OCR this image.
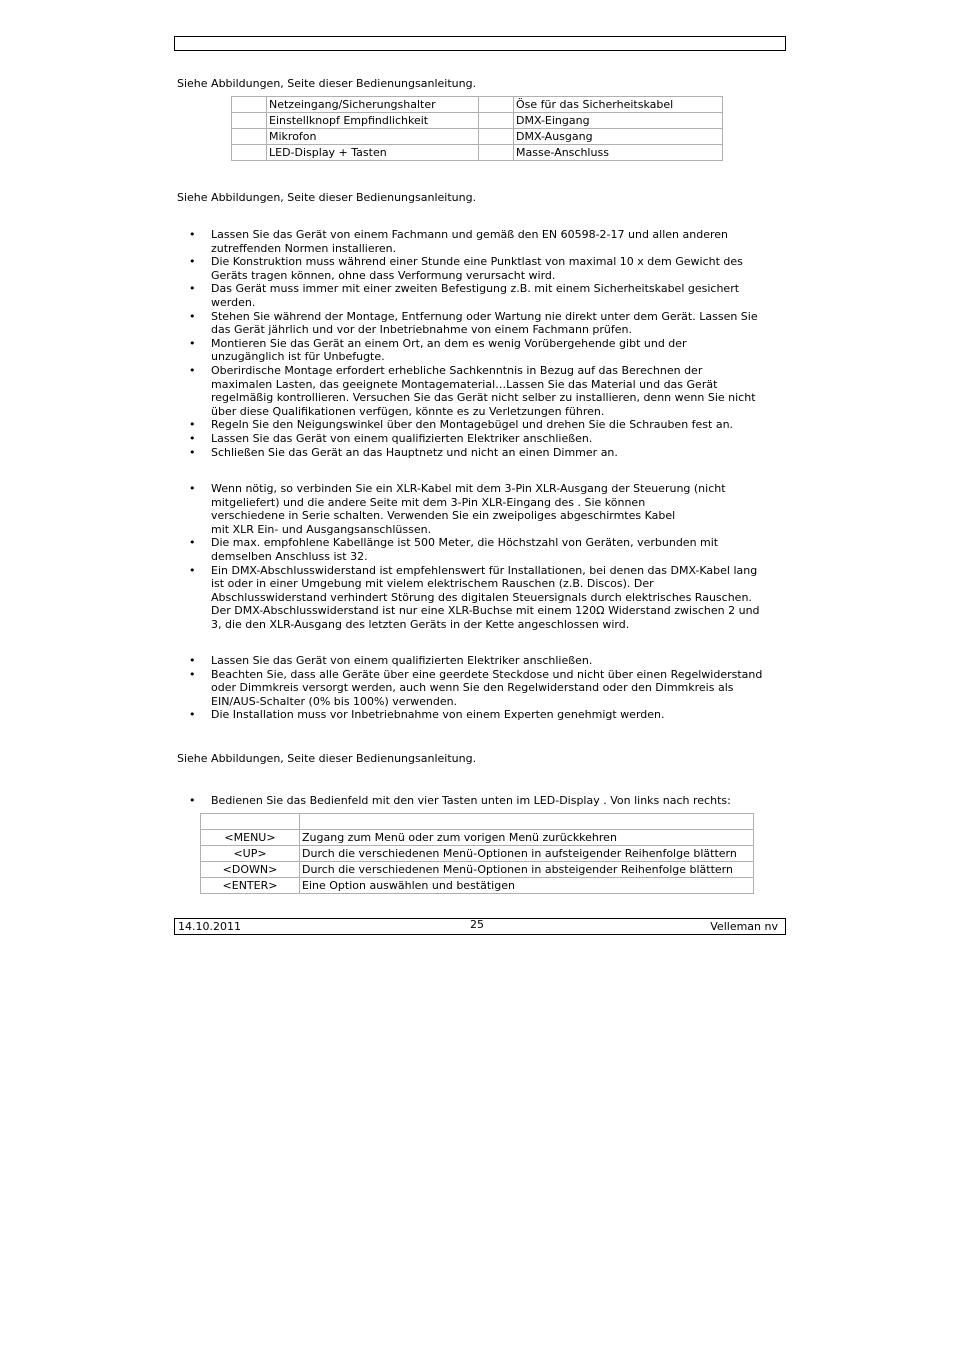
Siehe Abbildungen, Seite dieser Bedienungsanleitung.
	Netzeingang/Sicherungshalter		Öse für das Sicherheitskabel
	Einstellknopf Empfindlichkeit		DMX-Eingang
	Mikrofon		DMX-Ausgang
	LED-Display + Tasten		Masse-Anschluss
Siehe Abbildungen, Seite dieser Bedienungsanleitung.
• Lassen Sie das Gerät von einem Fachmann und gemäß den EN 60598-2-17 und allen anderen
zutreffenden Normen installieren.
• Die Konstruktion muss während einer Stunde eine Punktlast von maximal 10 x dem Gewicht des
Geräts tragen können, ohne dass Verformung verursacht wird.
• Das Gerät muss immer mit einer zweiten Befestigung z.B. mit einem Sicherheitskabel gesichert
werden.
• Stehen Sie während der Montage, Entfernung oder Wartung nie direkt unter dem Gerät. Lassen Sie
das Gerät jährlich und vor der Inbetriebnahme von einem Fachmann prüfen.
• Montieren Sie das Gerät an einem Ort, an dem es wenig Vorübergehende gibt und der
unzugänglich ist für Unbefugte.
• Oberirdische Montage erfordert erhebliche Sachkenntnis in Bezug auf das Berechnen der
maximalen Lasten, das geeignete Montagematerial…Lassen Sie das Material und das Gerät
regelmäßig kontrollieren. Versuchen Sie das Gerät nicht selber zu installieren, denn wenn Sie nicht
über diese Qualifikationen verfügen, könnte es zu Verletzungen führen.
• Regeln Sie den Neigungswinkel über den Montagebügel und drehen Sie die Schrauben fest an.
• Lassen Sie das Gerät von einem qualifizierten Elektriker anschließen.
• Schließen Sie das Gerät an das Hauptnetz und nicht an einen Dimmer an.
• Wenn nötig, so verbinden Sie ein XLR-Kabel mit dem 3-Pin XLR-Ausgang der Steuerung (nicht
mitgeliefert) und die andere Seite mit dem 3-Pin XLR-Eingang des . Sie können
verschiedene in Serie schalten. Verwenden Sie ein zweipoliges abgeschirmtes Kabel
mit XLR Ein- und Ausgangsanschlüssen.
• Die max. empfohlene Kabellänge ist 500 Meter, die Höchstzahl von Geräten, verbunden mit
demselben Anschluss ist 32.
• Ein DMX-Abschlusswiderstand ist empfehlenswert für Installationen, bei denen das DMX-Kabel lang
ist oder in einer Umgebung mit vielem elektrischem Rauschen (z.B. Discos). Der
Abschlusswiderstand verhindert Störung des digitalen Steuersignals durch elektrisches Rauschen.
Der DMX-Abschlusswiderstand ist nur eine XLR-Buchse mit einem 120Ω Widerstand zwischen 2 und
3, die den XLR-Ausgang des letzten Geräts in der Kette angeschlossen wird.
• Lassen Sie das Gerät von einem qualifizierten Elektriker anschließen.
• Beachten Sie, dass alle Geräte über eine geerdete Steckdose und nicht über einen Regelwiderstand
oder Dimmkreis versorgt werden, auch wenn Sie den Regelwiderstand oder den Dimmkreis als
EIN/AUS-Schalter (0% bis 100%) verwenden.
• Die Installation muss vor Inbetriebnahme von einem Experten genehmigt werden.
Siehe Abbildungen, Seite dieser Bedienungsanleitung.
• Bedienen Sie das Bedienfeld mit den vier Tasten unten im LED-Display . Von links nach rechts:

<MENU>	Zugang zum Menü oder zum vorigen Menü zurückkehren
<UP>	Durch die verschiedenen Menü-Optionen in aufsteigender Reihenfolge blättern
<DOWN>	Durch die verschiedenen Menü-Optionen in absteigender Reihenfolge blättern
<ENTER>	Eine Option auswählen und bestätigen
14.10.2011	25	Velleman nv
